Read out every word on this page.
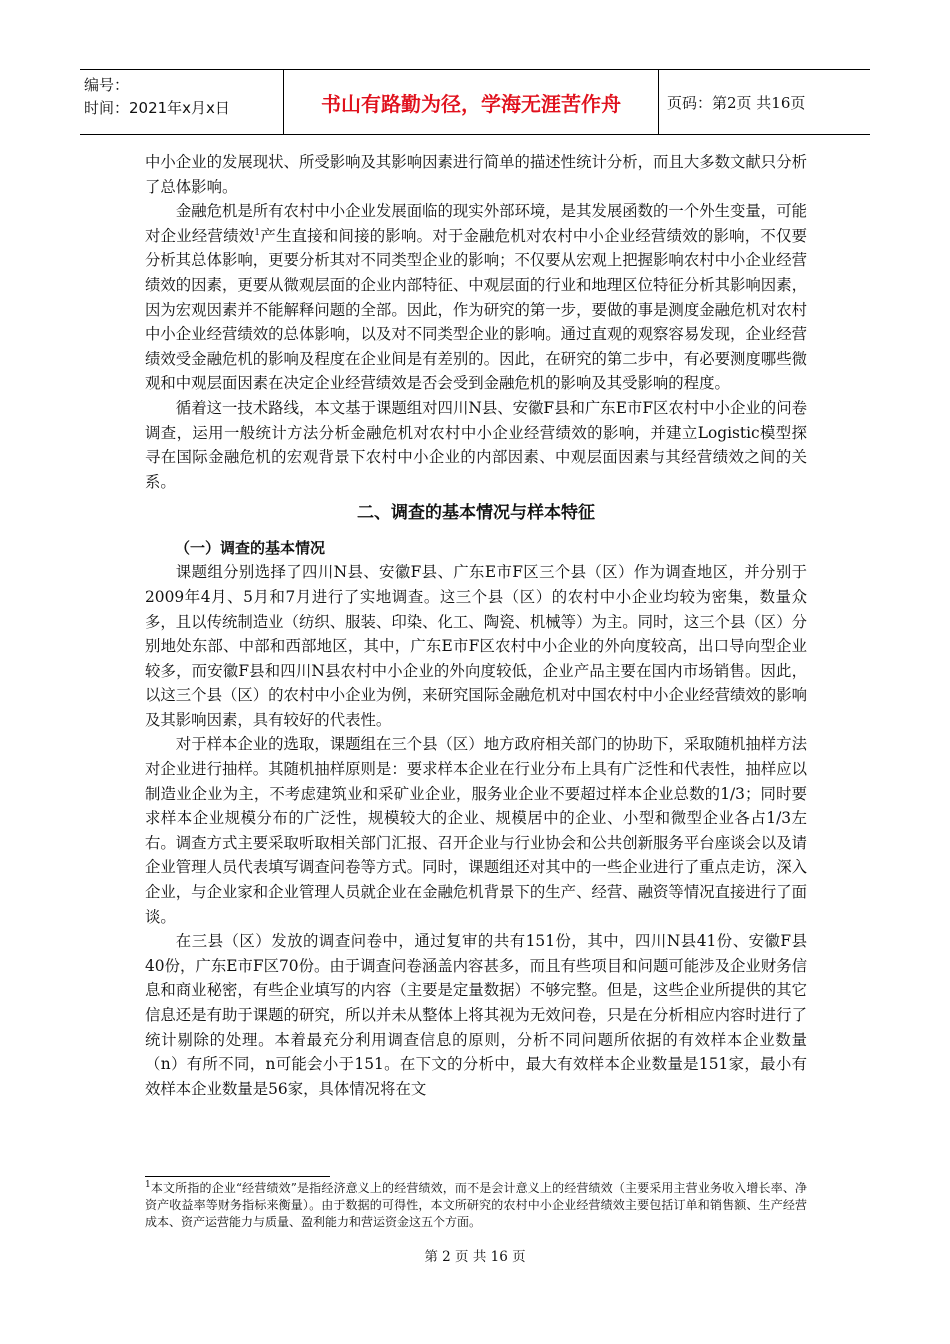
编号：
时间：2021年x月x日	书山有路勤为径，学海无涯苦作舟	页码：第2页 共16页

中小企业的发展现状、所受影响及其影响因素进行简单的描述性统计分析，而且大多数文献只分析了总体影响。

金融危机是所有农村中小企业发展面临的现实外部环境，是其发展函数的一个外生变量，可能对企业经营绩效$^1$产生直接和间接的影响。对于金融危机对农村中小企业经营绩效的影响，不仅要分析其总体影响，更要分析其对不同类型企业的影响；不仅要从宏观上把握影响农村中小企业经营绩效的因素，更要从微观层面的企业内部特征、中观层面的行业和地理区位特征分析其影响因素，因为宏观因素并不能解释问题的全部。因此，作为研究的第一步，要做的事是测度金融危机对农村中小企业经营绩效的总体影响，以及对不同类型企业的影响。通过直观的观察容易发现，企业经营绩效受金融危机的影响及程度在企业间是有差别的。因此，在研究的第二步中，有必要测度哪些微观和中观层面因素在决定企业经营绩效是否会受到金融危机的影响及其受影响的程度。

循着这一技术路线，本文基于课题组对四川N县、安徽F县和广东E市F区农村中小企业的问卷调查，运用一般统计方法分析金融危机对农村中小企业经营绩效的影响，并建立Logistic模型探寻在国际金融危机的宏观背景下农村中小企业的内部因素、中观层面因素与其经营绩效之间的关系。

二、调查的基本情况与样本特征
（一）调查的基本情况

课题组分别选择了四川N县、安徽F县、广东E市F区三个县（区）作为调查地区，并分别于2009年4月、5月和7月进行了实地调查。这三个县（区）的农村中小企业均较为密集，数量众多，且以传统制造业（纺织、服装、印染、化工、陶瓷、机械等）为主。同时，这三个县（区）分别地处东部、中部和西部地区，其中，广东E市F区农村中小企业的外向度较高，出口导向型企业较多，而安徽F县和四川N县农村中小企业的外向度较低，企业产品主要在国内市场销售。因此，以这三个县（区）的农村中小企业为例，来研究国际金融危机对中国农村中小企业经营绩效的影响及其影响因素，具有较好的代表性。

对于样本企业的选取，课题组在三个县（区）地方政府相关部门的协助下，采取随机抽样方法对企业进行抽样。其随机抽样原则是：要求样本企业在行业分布上具有广泛性和代表性，抽样应以制造业企业为主，不考虑建筑业和采矿业企业，服务业企业不要超过样本企业总数的1/3；同时要求样本企业规模分布的广泛性，规模较大的企业、规模居中的企业、小型和微型企业各占1/3左右。调查方式主要采取听取相关部门汇报、召开企业与行业协会和公共创新服务平台座谈会以及请企业管理人员代表填写调查问卷等方式。同时，课题组还对其中的一些企业进行了重点走访，深入企业，与企业家和企业管理人员就企业在金融危机背景下的生产、经营、融资等情况直接进行了面谈。

在三县（区）发放的调查问卷中，通过复审的共有151份，其中，四川N县41份、安徽F县40份，广东E市F区70份。由于调查问卷涵盖内容甚多，而且有些项目和问题可能涉及企业财务信息和商业秘密，有些企业填写的内容（主要是定量数据）不够完整。但是，这些企业所提供的其它信息还是有助于课题的研究，所以并未从整体上将其视为无效问卷，只是在分析相应内容时进行了统计剔除的处理。本着最充分利用调查信息的原则，分析不同问题所依据的有效样本企业数量（n）有所不同，n可能会小于151。在下文的分析中，最大有效样本企业数量是151家，最小有效样本企业数量是56家，具体情况将在文

$^1$本文所指的企业“经营绩效”是指经济意义上的经营绩效，而不是会计意义上的经营绩效（主要采用主营业务收入增长率、净资产收益率等财务指标来衡量）。由于数据的可得性，本文所研究的农村中小企业经营绩效主要包括订单和销售额、生产经营成本、资产运营能力与质量、盈利能力和营运资金这五个方面。
第 2 页 共 16 页
